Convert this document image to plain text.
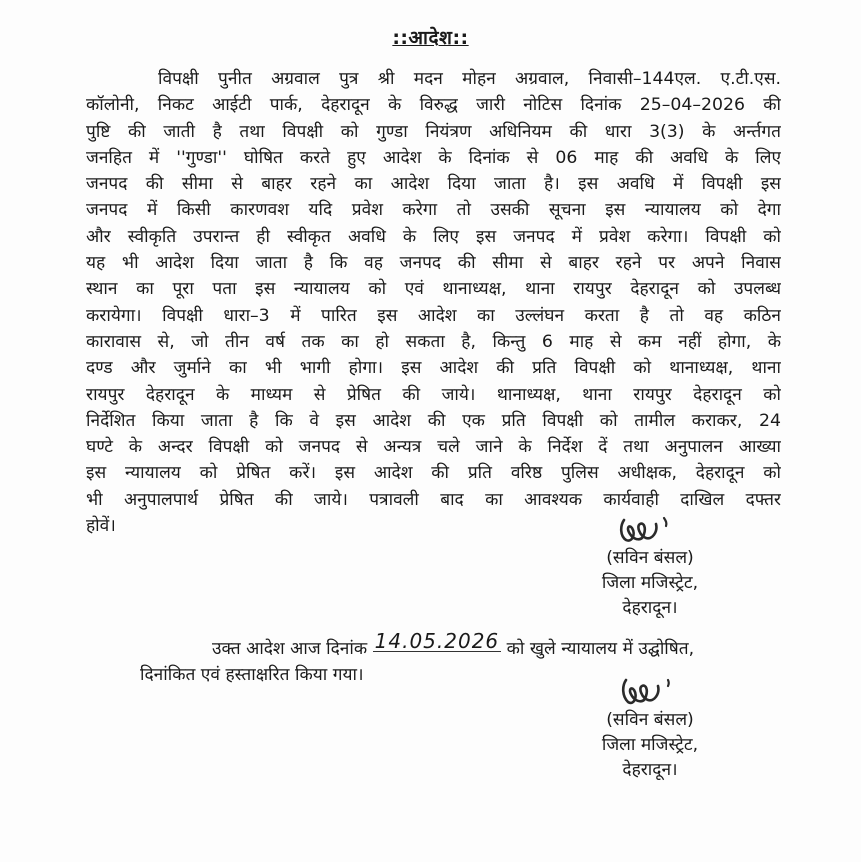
::आदेश::
विपक्षी पुनीत अग्रवाल पुत्र श्री मदन मोहन अग्रवाल, निवासी–144एल. ए.टी.एस.
कॉलोनी, निकट आईटी पार्क, देहरादून के विरुद्ध जारी नोटिस दिनांक 25–04–2026 की
पुष्टि की जाती है तथा विपक्षी को गुण्डा नियंत्रण अधिनियम की धारा 3(3) के अर्न्तगत
जनहित में ''गुण्डा'' घोषित करते हुए आदेश के दिनांक से 06 माह की अवधि के लिए
जनपद की सीमा से बाहर रहने का आदेश दिया जाता है। इस अवधि में विपक्षी इस
जनपद में किसी कारणवश यदि प्रवेश करेगा तो उसकी सूचना इस न्यायालय को देगा
और स्वीकृति उपरान्त ही स्वीकृत अवधि के लिए इस जनपद में प्रवेश करेगा। विपक्षी को
यह भी आदेश दिया जाता है कि वह जनपद की सीमा से बाहर रहने पर अपने निवास
स्थान का पूरा पता इस न्यायालय को एवं थानाध्यक्ष, थाना रायपुर देहरादून को उपलब्ध
करायेगा। विपक्षी धारा–3 में पारित इस आदेश का उल्लंघन करता है तो वह कठिन
कारावास से, जो तीन वर्ष तक का हो सकता है, किन्तु 6 माह से कम नहीं होगा, के
दण्ड और जुर्माने का भी भागी होगा। इस आदेश की प्रति विपक्षी को थानाध्यक्ष, थाना
रायपुर देहरादून के माध्यम से प्रेषित की जाये। थानाध्यक्ष, थाना रायपुर देहरादून को
निर्देशित किया जाता है कि वे इस आदेश की एक प्रति विपक्षी को तामील कराकर, 24
घण्टे के अन्दर विपक्षी को जनपद से अन्यत्र चले जाने के निर्देश दें तथा अनुपालन आख्या
इस न्यायालय को प्रेषित करें। इस आदेश की प्रति वरिष्ठ पुलिस अधीक्षक, देहरादून को
भी अनुपालपार्थ प्रेषित की जाये। पत्रावली बाद का आवश्यक कार्यवाही दाखिल दफ्तर
होवें।
(सविन बंसल)
जिला मजिस्ट्रेट,
देहरादून।
उक्त आदेश आज दिनांक 14.05.2026 को खुले न्यायालय में उद्घोषित,
दिनांकित एवं हस्ताक्षरित किया गया।
(सविन बंसल)
जिला मजिस्ट्रेट,
देहरादून।
